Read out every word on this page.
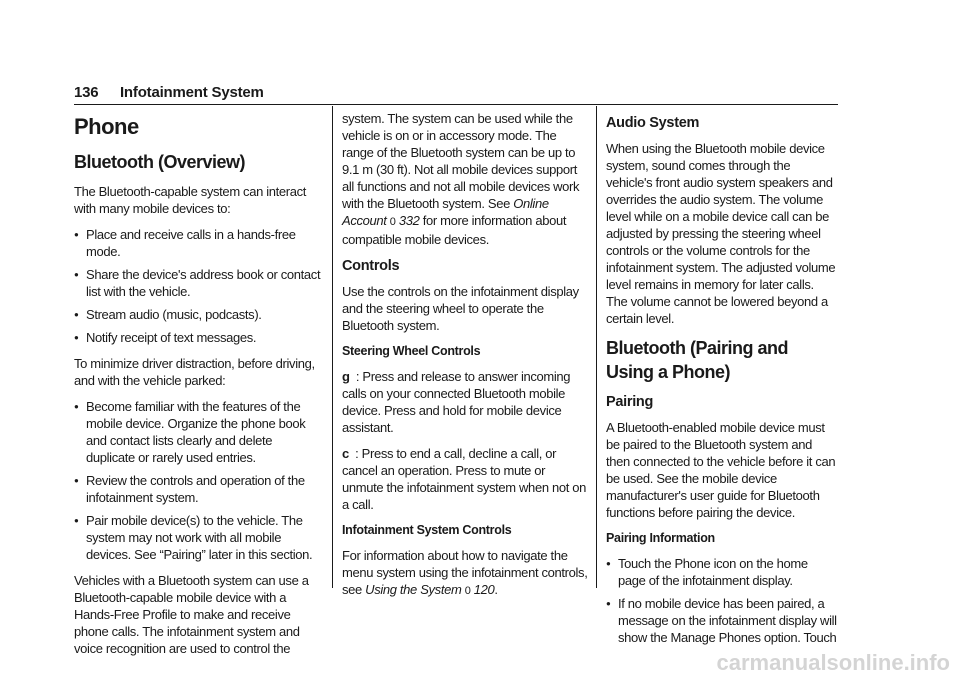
136 Infotainment System
Phone
Bluetooth (Overview)

The Bluetooth-capable system can interact with many mobile devices to:

● Place and receive calls in a hands-free mode.
● Share the device's address book or contact list with the vehicle.
● Stream audio (music, podcasts).
● Notify receipt of text messages.

To minimize driver distraction, before driving, and with the vehicle parked:

● Become familiar with the features of the mobile device. Organize the phone book and contact lists clearly and delete duplicate or rarely used entries.
● Review the controls and operation of the infotainment system.
● Pair mobile device(s) to the vehicle. The system may not work with all mobile devices. See “Pairing” later in this section.

Vehicles with a Bluetooth system can use a Bluetooth-capable mobile device with a Hands-Free Profile to make and receive phone calls. The infotainment system and voice recognition are used to control the

system. The system can be used while the vehicle is on or in accessory mode. The range of the Bluetooth system can be up to 9.1 m (30 ft). Not all mobile devices support all functions and not all mobile devices work with the Bluetooth system. See Online Account 0 332 for more information about compatible mobile devices.

Controls

Use the controls on the infotainment display and the steering wheel to operate the Bluetooth system.

Steering Wheel Controls

g : Press and release to answer incoming calls on your connected Bluetooth mobile device. Press and hold for mobile device assistant.

c : Press to end a call, decline a call, or cancel an operation. Press to mute or unmute the infotainment system when not on a call.

Infotainment System Controls

For information about how to navigate the menu system using the infotainment controls, see Using the System 0 120.

Audio System

When using the Bluetooth mobile device system, sound comes through the vehicle's front audio system speakers and overrides the audio system. The volume level while on a mobile device call can be adjusted by pressing the steering wheel controls or the volume controls for the infotainment system. The adjusted volume level remains in memory for later calls. The volume cannot be lowered beyond a certain level.

Bluetooth (Pairing and Using a Phone)
Pairing

A Bluetooth-enabled mobile device must be paired to the Bluetooth system and then connected to the vehicle before it can be used. See the mobile device manufacturer's user guide for Bluetooth functions before pairing the device.

Pairing Information
● Touch the Phone icon on the home page of the infotainment display.
● If no mobile device has been paired, a message on the infotainment display will show the Manage Phones option. Touch
carmanualsonline.info
